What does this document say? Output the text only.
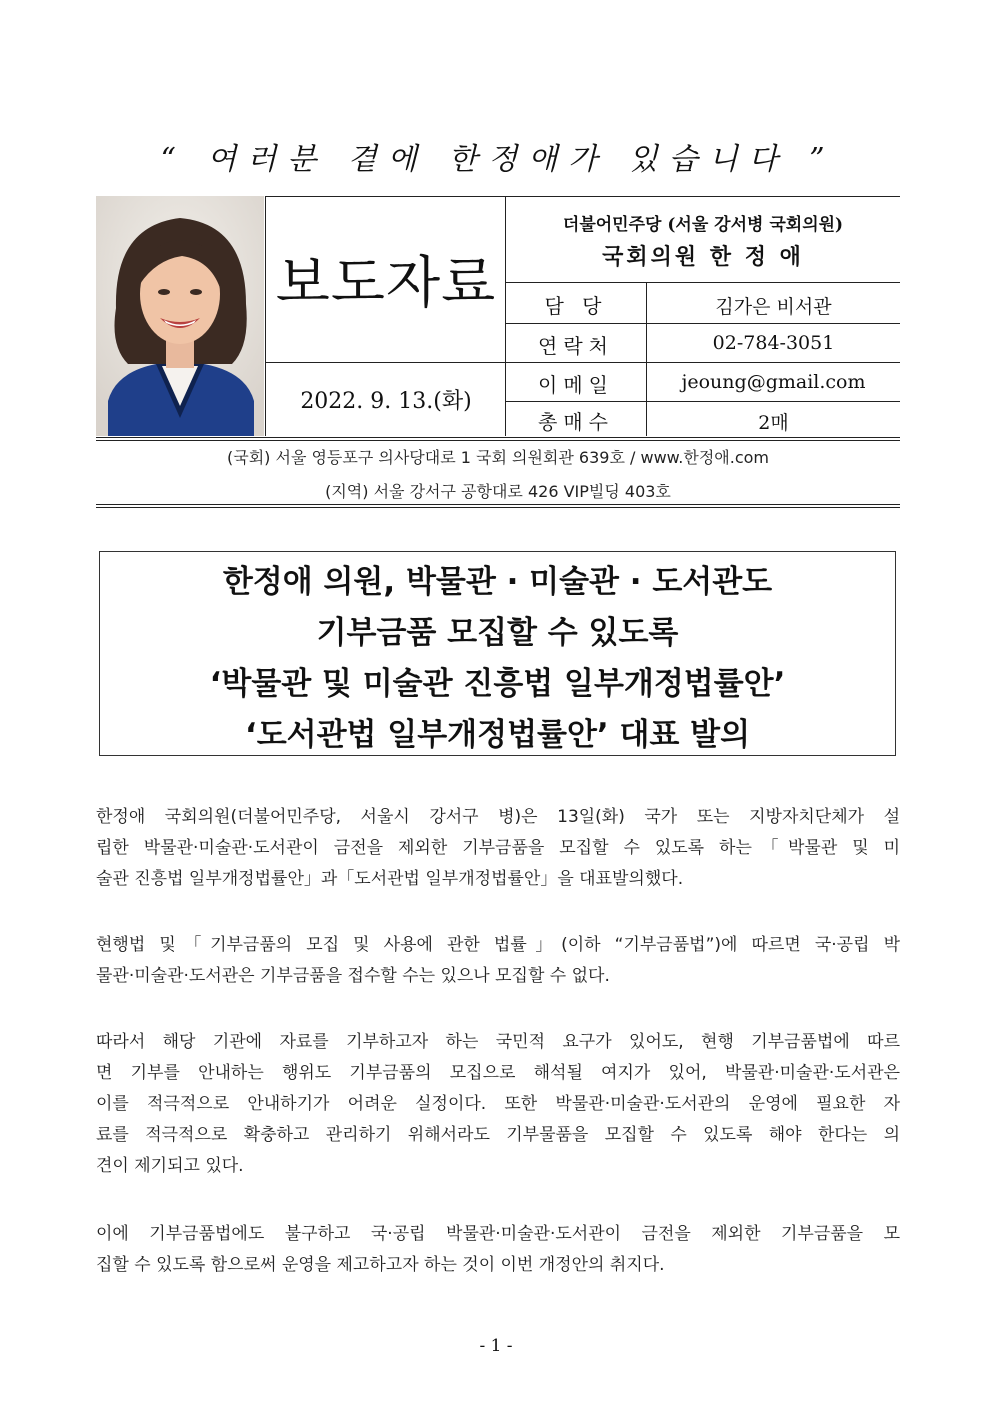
“ 여러분 곁에 한정애가 있습니다 ”
보도자료
2022. 9. 13.(화)
더불어민주당 (서울 강서병 국회의원)
국회의원 한 정 애
담 당	김가은 비서관
연락처	02-784-3051
이메일	jeoung@gmail.com
총매수	2매
(국회) 서울 영등포구 의사당대로 1 국회 의원회관 639호 / www.한정애.com
(지역) 서울 강서구 공항대로 426 VIP빌딩 403호
한정애 의원, 박물관 · 미술관 · 도서관도
기부금품 모집할 수 있도록
‘박물관 및 미술관 진흥법 일부개정법률안’
‘도서관법 일부개정법률안’ 대표 발의
한정애 국회의원(더불어민주당, 서울시 강서구 병)은 13일(화) 국가 또는 지방자치단체가 설
립한 박물관·미술관·도서관이 금전을 제외한 기부금품을 모집할 수 있도록 하는「박물관 및 미
술관 진흥법 일부개정법률안」과「도서관법 일부개정법률안」을 대표발의했다.
현행법 및「기부금품의 모집 및 사용에 관한 법률」(이하 “기부금품법”)에 따르면 국·공립 박
물관·미술관·도서관은 기부금품을 접수할 수는 있으나 모집할 수 없다.
따라서 해당 기관에 자료를 기부하고자 하는 국민적 요구가 있어도, 현행 기부금품법에 따르
면 기부를 안내하는 행위도 기부금품의 모집으로 해석될 여지가 있어, 박물관·미술관·도서관은
이를 적극적으로 안내하기가 어려운 실정이다. 또한 박물관·미술관·도서관의 운영에 필요한 자
료를 적극적으로 확충하고 관리하기 위해서라도 기부물품을 모집할 수 있도록 해야 한다는 의
견이 제기되고 있다.
이에 기부금품법에도 불구하고 국·공립 박물관·미술관·도서관이 금전을 제외한 기부금품을 모
집할 수 있도록 함으로써 운영을 제고하고자 하는 것이 이번 개정안의 취지다.
- 1 -
